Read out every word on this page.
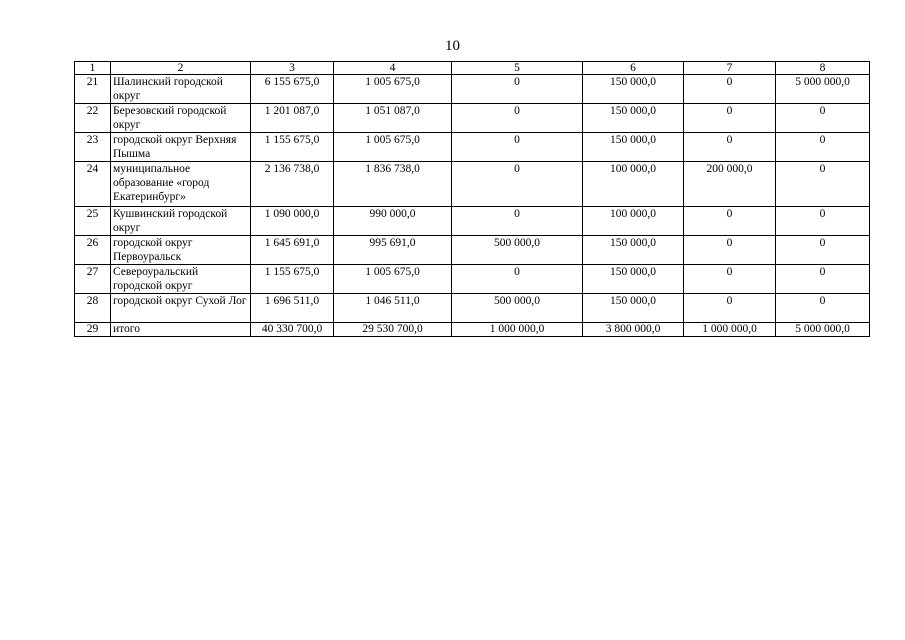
10
1	2	3	4	5	6	7	8
21	Шалинский городской округ	6 155 675,0	1 005 675,0	0	150 000,0	0	5 000 000,0
22	Березовский городской округ	1 201 087,0	1 051 087,0	0	150 000,0	0	0
23	городской округ Верхняя Пышма	1 155 675,0	1 005 675,0	0	150 000,0	0	0
24	муниципальное образование «город Екатеринбург»	2 136 738,0	1 836 738,0	0	100 000,0	200 000,0	0
25	Кушвинский городской округ	1 090 000,0	990 000,0	0	100 000,0	0	0
26	городской округ Первоуральск	1 645 691,0	995 691,0	500 000,0	150 000,0	0	0
27	Североуральский городской округ	1 155 675,0	1 005 675,0	0	150 000,0	0	0
28	городской округ Сухой Лог	1 696 511,0	1 046 511,0	500 000,0	150 000,0	0	0
29	итого	40 330 700,0	29 530 700,0	1 000 000,0	3 800 000,0	1 000 000,0	5 000 000,0
